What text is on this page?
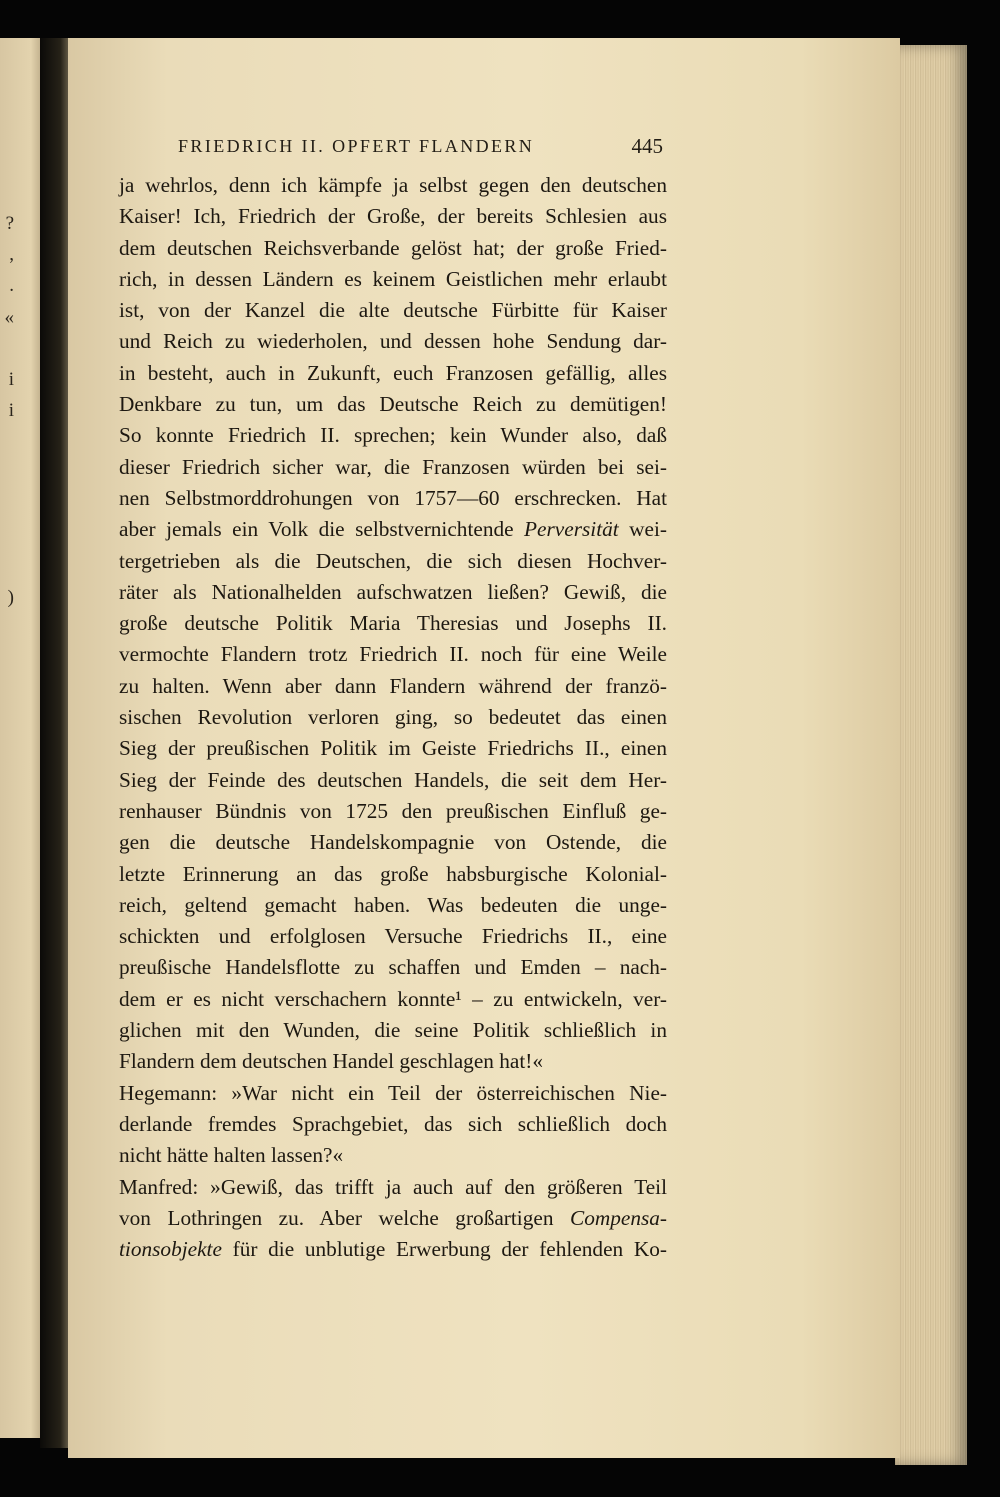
?
,
.
«
i
i
)
FRIEDRICH II. OPFERT FLANDERN	445
ja wehrlos, denn ich kämpfe ja selbst gegen den deutschen
Kaiser! Ich, Friedrich der Große, der bereits Schlesien aus
dem deutschen Reichsverbande gelöst hat; der große Fried-
rich, in dessen Ländern es keinem Geistlichen mehr erlaubt
ist, von der Kanzel die alte deutsche Fürbitte für Kaiser
und Reich zu wiederholen, und dessen hohe Sendung dar-
in besteht, auch in Zukunft, euch Franzosen gefällig, alles
Denkbare zu tun, um das Deutsche Reich zu demütigen!
So konnte Friedrich II. sprechen; kein Wunder also, daß
dieser Friedrich sicher war, die Franzosen würden bei sei-
nen Selbstmorddrohungen von 1757—60 erschrecken. Hat
aber jemals ein Volk die selbstvernichtende Perversität wei-
tergetrieben als die Deutschen, die sich diesen Hochver-
räter als Nationalhelden aufschwatzen ließen? Gewiß, die
große deutsche Politik Maria Theresias und Josephs II.
vermochte Flandern trotz Friedrich II. noch für eine Weile
zu halten. Wenn aber dann Flandern während der franzö-
sischen Revolution verloren ging, so bedeutet das einen
Sieg der preußischen Politik im Geiste Friedrichs II., einen
Sieg der Feinde des deutschen Handels, die seit dem Her-
renhauser Bündnis von 1725 den preußischen Einfluß ge-
gen die deutsche Handelskompagnie von Ostende, die
letzte Erinnerung an das große habsburgische Kolonial-
reich, geltend gemacht haben. Was bedeuten die unge-
schickten und erfolglosen Versuche Friedrichs II., eine
preußische Handelsflotte zu schaffen und Emden – nach-
dem er es nicht verschachern konnte¹ – zu entwickeln, ver-
glichen mit den Wunden, die seine Politik schließlich in
Flandern dem deutschen Handel geschlagen hat!«
Hegemann: »War nicht ein Teil der österreichischen Nie-
derlande fremdes Sprachgebiet, das sich schließlich doch
nicht hätte halten lassen?«
Manfred: »Gewiß, das trifft ja auch auf den größeren Teil
von Lothringen zu. Aber welche großartigen Compensa-
tionsobjekte für die unblutige Erwerbung der fehlenden Ko-
